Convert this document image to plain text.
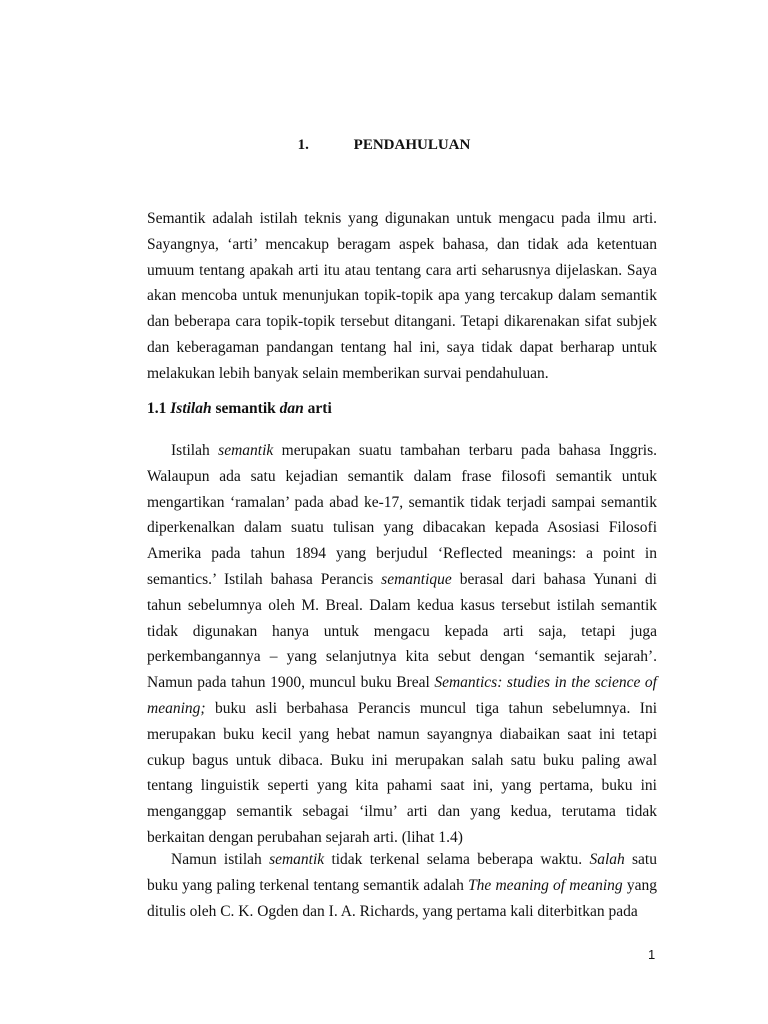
1.	PENDAHULUAN

Semantik adalah istilah teknis yang digunakan untuk mengacu pada ilmu arti. Sayangnya, ‘arti’ mencakup beragam aspek bahasa, dan tidak ada ketentuan umuum tentang apakah arti itu atau tentang cara arti seharusnya dijelaskan. Saya akan mencoba untuk menunjukan topik-topik apa yang tercakup dalam semantik dan beberapa cara topik-topik tersebut ditangani. Tetapi dikarenakan sifat subjek dan keberagaman pandangan tentang hal ini, saya tidak dapat berharap untuk melakukan lebih banyak selain memberikan survai pendahuluan.

1.1 Istilah semantik dan arti

Istilah semantik merupakan suatu tambahan terbaru pada bahasa Inggris. Walaupun ada satu kejadian semantik dalam frase filosofi semantik untuk mengartikan ‘ramalan’ pada abad ke-17, semantik tidak terjadi sampai semantik diperkenalkan dalam suatu tulisan yang dibacakan kepada Asosiasi Filosofi Amerika pada tahun 1894 yang berjudul ‘Reflected meanings: a point in semantics.’ Istilah bahasa Perancis semantique berasal dari bahasa Yunani di tahun sebelumnya oleh M. Breal. Dalam kedua kasus tersebut istilah semantik tidak digunakan hanya untuk mengacu kepada arti saja, tetapi juga perkembangannya – yang selanjutnya kita sebut dengan ‘semantik sejarah’. Namun pada tahun 1900, muncul buku Breal Semantics: studies in the science of meaning; buku asli berbahasa Perancis muncul tiga tahun sebelumnya. Ini merupakan buku kecil yang hebat namun sayangnya diabaikan saat ini tetapi cukup bagus untuk dibaca. Buku ini merupakan salah satu buku paling awal tentang linguistik seperti yang kita pahami saat ini, yang pertama, buku ini menganggap semantik sebagai ‘ilmu’ arti dan yang kedua, terutama tidak berkaitan dengan perubahan sejarah arti. (lihat 1.4)

Namun istilah semantik tidak terkenal selama beberapa waktu. Salah satu buku yang paling terkenal tentang semantik adalah The meaning of meaning yang ditulis oleh C. K. Ogden dan I. A. Richards, yang pertama kali diterbitkan pada

1
